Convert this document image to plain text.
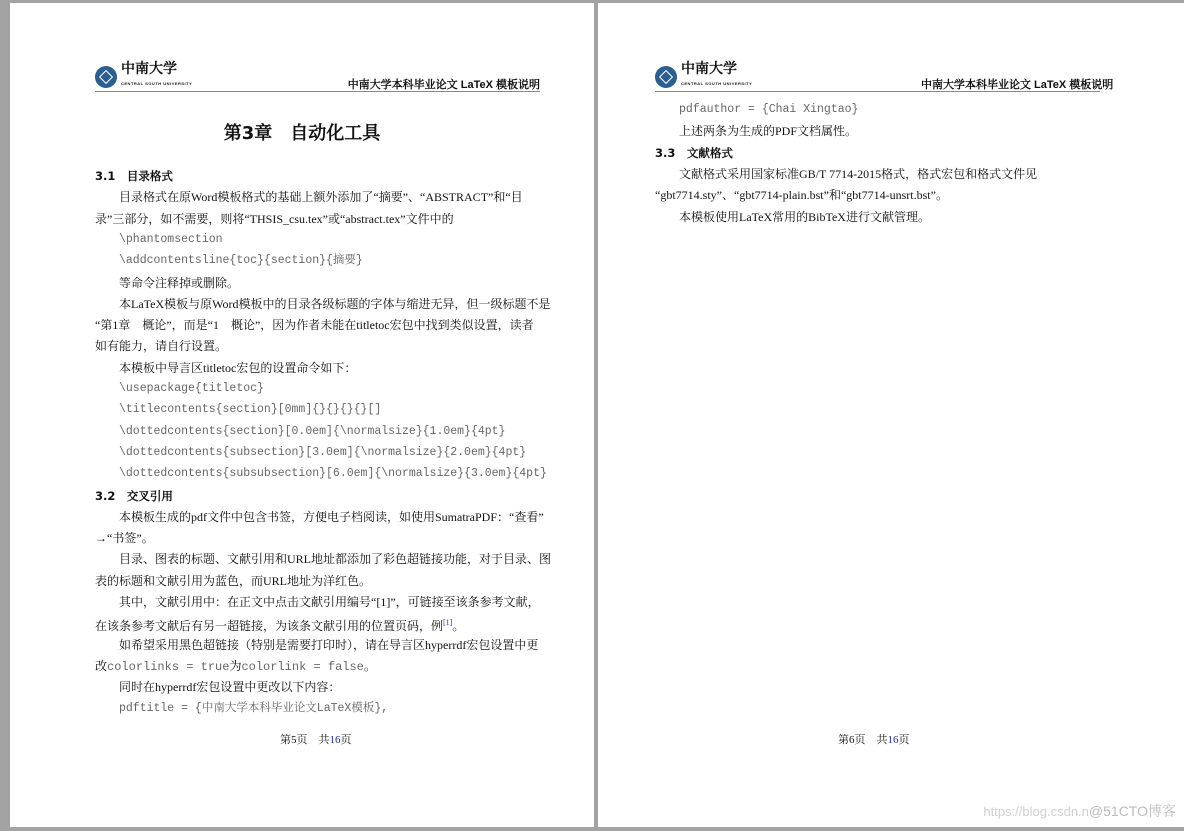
中南大学
CENTRAL SOUTH UNIVERSITY	中南大学本科毕业论文 LaTeX 模板说明
第3章　自动化工具
3.1　目录格式
目录格式在原Word模板格式的基础上额外添加了“摘要”、“ABSTRACT”和“目
录”三部分，如不需要，则将“THSIS_csu.tex”或“abstract.tex”文件中的
\phantomsection
\addcontentsline{toc}{section}{摘要}
等命令注释掉或删除。
本LaTeX模板与原Word模板中的目录各级标题的字体与缩进无异，但一级标题不是
“第1章　概论”，而是“1　概论”，因为作者未能在titletoc宏包中找到类似设置，读者
如有能力，请自行设置。
本模板中导言区titletoc宏包的设置命令如下：
\usepackage{titletoc}
\titlecontents{section}[0mm]{}{}{}{}[]
\dottedcontents{section}[0.0em]{\normalsize}{1.0em}{4pt}
\dottedcontents{subsection}[3.0em]{\normalsize}{2.0em}{4pt}
\dottedcontents{subsubsection}[6.0em]{\normalsize}{3.0em}{4pt}
3.2　交叉引用
本模板生成的pdf文件中包含书签，方便电子档阅读，如使用SumatraPDF：“查看”
→“书签”。
目录、图表的标题、文献引用和URL地址都添加了彩色超链接功能，对于目录、图
表的标题和文献引用为蓝色，而URL地址为洋红色。
其中，文献引用中：在正文中点击文献引用编号“[1]”，可链接至该条参考文献，
在该条参考文献后有另一超链接，为该条文献引用的位置页码，例[1]。
如希望采用黑色超链接（特别是需要打印时），请在导言区hyperrdf宏包设置中更
改colorlinks = true为colorlink = false。
同时在hyperrdf宏包设置中更改以下内容：
pdftitle = {中南大学本科毕业论文LaTeX模板},
第5页　共16页
中南大学
CENTRAL SOUTH UNIVERSITY	中南大学本科毕业论文 LaTeX 模板说明
pdfauthor = {Chai Xingtao}
上述两条为生成的PDF文档属性。
3.3　文献格式
文献格式采用国家标准GB/T 7714-2015格式，格式宏包和格式文件见
“gbt7714.sty”、“gbt7714-plain.bst”和“gbt7714-unsrt.bst”。
本模板使用LaTeX常用的BibTeX进行文献管理。
第6页　共16页
https://blog.csdn.n@51CTO博客
